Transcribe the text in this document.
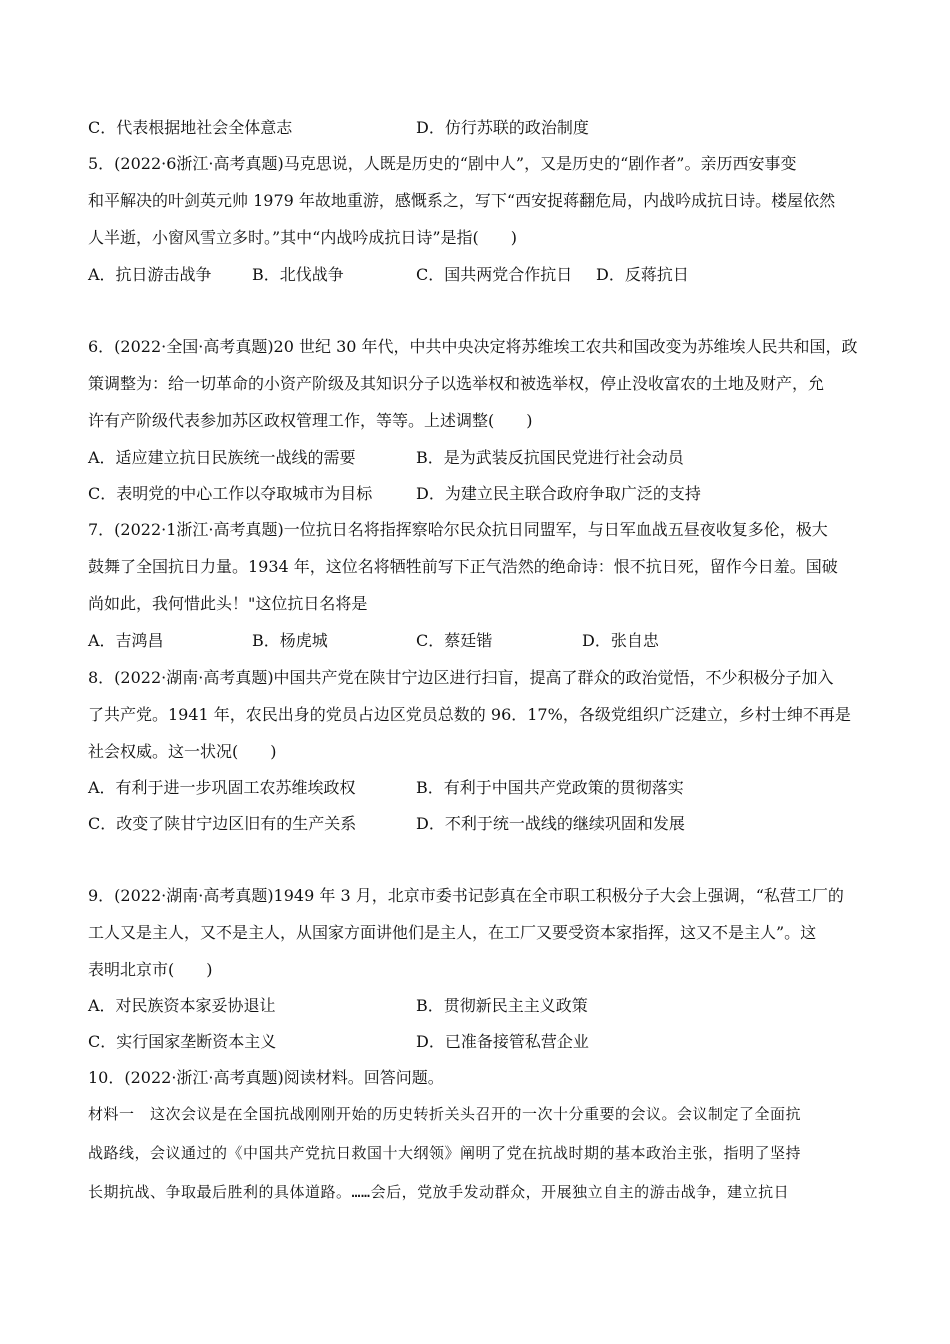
C．代表根据地社会全体意志	D．仿行苏联的政治制度
5．(2022·6浙江·高考真题)马克思说，人既是历史的“剧中人”，又是历史的“剧作者”。亲历西安事变
和平解决的叶剑英元帅 1979 年故地重游，感慨系之，写下“西安捉蒋翻危局，内战吟成抗日诗。楼屋依然
人半逝，小窗风雪立多时。”其中“内战吟成抗日诗”是指(　　)
A．抗日游击战争	B．北伐战争	C．国共两党合作抗日 D．反蒋抗日
6．(2022·全国·高考真题)20 世纪 30 年代，中共中央决定将苏维埃工农共和国改变为苏维埃人民共和国，政
策调整为：给一切革命的小资产阶级及其知识分子以选举权和被选举权，停止没收富农的土地及财产，允
许有产阶级代表参加苏区政权管理工作，等等。上述调整(　　)
A．适应建立抗日民族统一战线的需要	B．是为武装反抗国民党进行社会动员
C．表明党的中心工作以夺取城市为目标	D．为建立民主联合政府争取广泛的支持
7．(2022·1浙江·高考真题)一位抗日名将指挥察哈尔民众抗日同盟军，与日军血战五昼夜收复多伦，极大
鼓舞了全国抗日力量。1934 年，这位名将牺牲前写下正气浩然的绝命诗：恨不抗日死，留作今日羞。国破
尚如此，我何惜此头！"这位抗日名将是
A．吉鸿昌	B．杨虎城	C．蔡廷锴	D．张自忠
8．(2022·湖南·高考真题)中国共产党在陕甘宁边区进行扫盲，提高了群众的政治觉悟，不少积极分子加入
了共产党。1941 年，农民出身的党员占边区党员总数的 96．17%，各级党组织广泛建立，乡村士绅不再是
社会权威。这一状况(　　)
A．有利于进一步巩固工农苏维埃政权	B．有利于中国共产党政策的贯彻落实
C．改变了陕甘宁边区旧有的生产关系	D．不利于统一战线的继续巩固和发展
9．(2022·湖南·高考真题)1949 年 3 月，北京市委书记彭真在全市职工积极分子大会上强调，“私营工厂的
工人又是主人，又不是主人，从国家方面讲他们是主人，在工厂又要受资本家指挥，这又不是主人”。这
表明北京市(　　)
A．对民族资本家妥协退让	B．贯彻新民主主义政策
C．实行国家垄断资本主义	D．已准备接管私营企业
10．(2022·浙江·高考真题)阅读材料。回答问题。
材料一　这次会议是在全国抗战刚刚开始的历史转折关头召开的一次十分重要的会议。会议制定了全面抗
战路线，会议通过的《中国共产党抗日救国十大纲领》阐明了党在抗战时期的基本政治主张，指明了坚持
长期抗战、争取最后胜利的具体道路。……会后，党放手发动群众，开展独立自主的游击战争，建立抗日
